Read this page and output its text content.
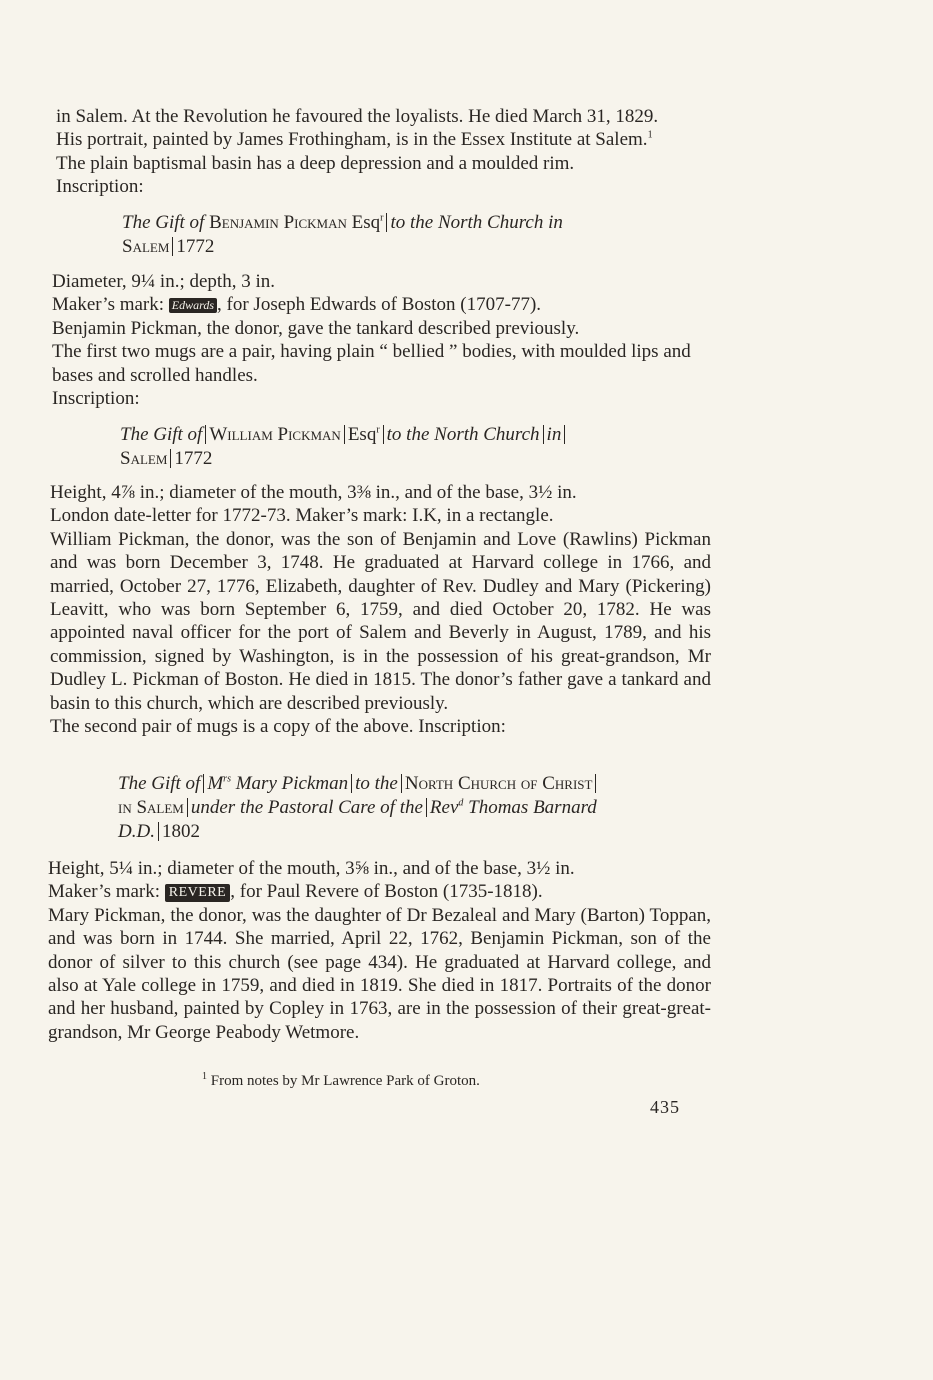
in Salem. At the Revolution he favoured the loyalists. He died March 31, 1829.
His portrait, painted by James Frothingham, is in the Essex Institute at Salem.$^1$
The plain baptismal basin has a deep depression and a moulded rim.
Inscription:
The Gift of Benjamin Pickman Esq$^r$ to the North Church in
Salem 1772
Diameter, 9¼ in.; depth, 3 in.
Maker’s mark: Edwards , for Joseph Edwards of Boston (1707-77).
Benjamin Pickman, the donor, gave the tankard described previously.
The first two mugs are a pair, having plain “ bellied ” bodies, with moulded lips and bases and scrolled handles.
Inscription:
The Gift of William Pickman Esq$^r$ to the North Church in
Salem 1772
Height, 4⅞ in.; diameter of the mouth, 3⅜ in., and of the base, 3½ in.
London date-letter for 1772-73. Maker’s mark: I.K, in a rectangle.
William Pickman, the donor, was the son of Benjamin and Love (Rawlins) Pickman and was born December 3, 1748. He graduated at Harvard college in 1766, and married, October 27, 1776, Elizabeth, daughter of Rev. Dudley and Mary (Pickering) Leavitt, who was born September 6, 1759, and died October 20, 1782. He was appointed naval officer for the port of Salem and Beverly in August, 1789, and his commission, signed by Washington, is in the possession of his great-grandson, Mr Dudley L. Pickman of Boston. He died in 1815. The donor’s father gave a tankard and basin to this church, which are described previously.
The second pair of mugs is a copy of the above. Inscription:
The Gift of $M^{rs}$ Mary Pickman to the North Church of Christ
in Salem under the Pastoral Care of the Rev$^d$ Thomas Barnard
D.D. 1802
Height, 5¼ in.; diameter of the mouth, 3⅝ in., and of the base, 3½ in.
Maker’s mark: REVERE , for Paul Revere of Boston (1735-1818).
Mary Pickman, the donor, was the daughter of Dr Bezaleal and Mary (Barton) Toppan, and was born in 1744. She married, April 22, 1762, Benjamin Pickman, son of the donor of silver to this church (see page 434). He graduated at Harvard college, and also at Yale college in 1759, and died in 1819. She died in 1817. Portraits of the donor and her husband, painted by Copley in 1763, are in the possession of their great-great-grandson, Mr George Peabody Wetmore.
$^1$ From notes by Mr Lawrence Park of Groton.
435
